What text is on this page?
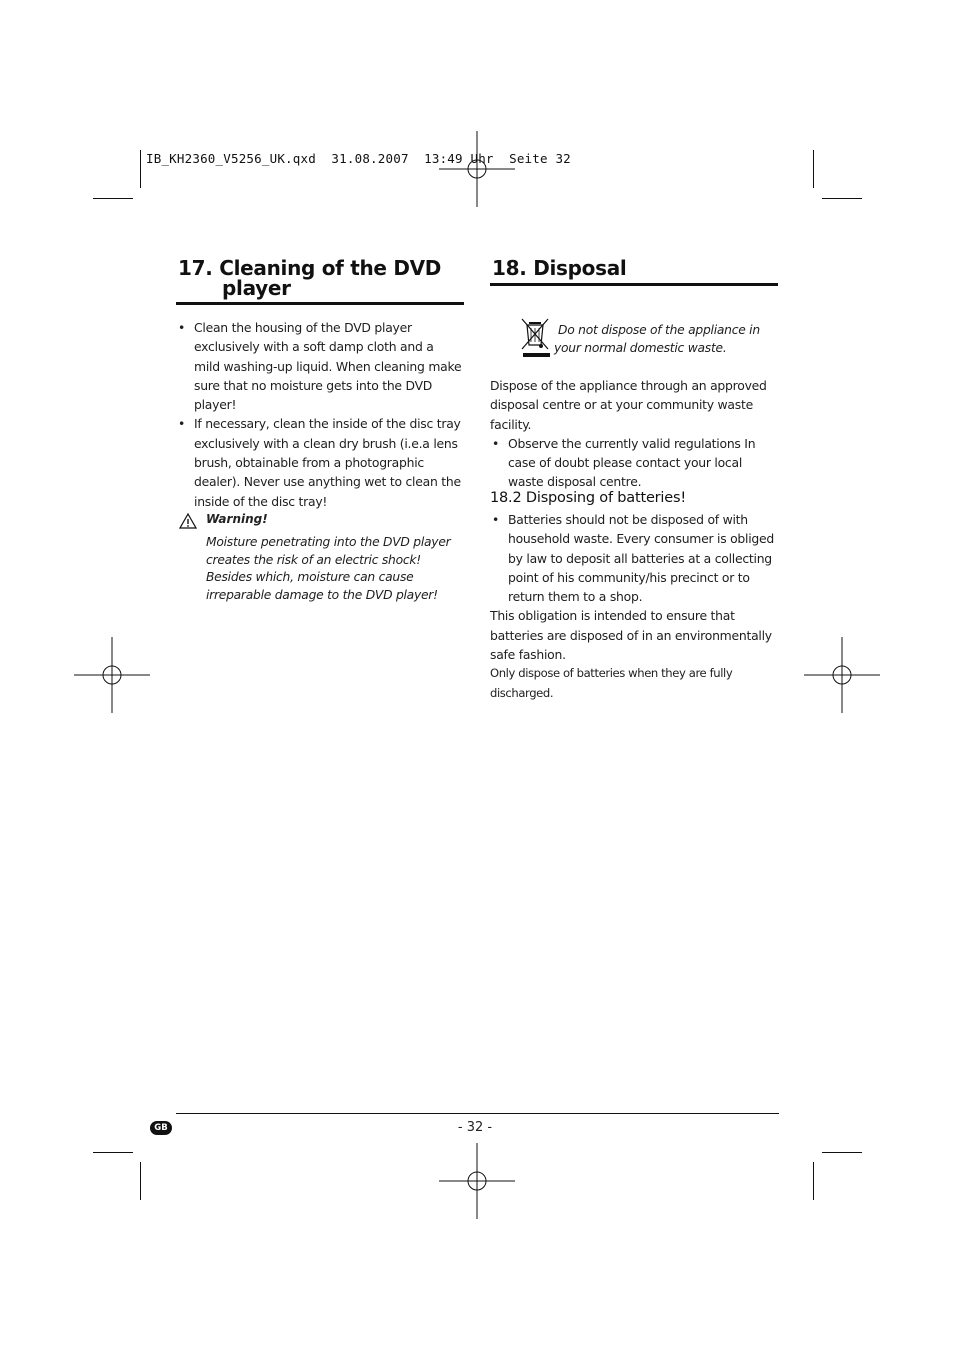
IB_KH2360_V5256_UK.qxd  31.08.2007  13:49 Uhr  Seite 32
17. Cleaning of the DVD
player
• Clean the housing of the DVD player exclusively with a soft damp cloth and a mild washing-up liquid. When cleaning make sure that no moisture gets into the DVD player!
• If necessary, clean the inside of the disc tray exclusively with a clean dry brush (i.e.a lens brush, obtainable from a photographic dealer). Never use anything wet to clean the inside of the disc tray!
Warning!
Moisture penetrating into the DVD player creates the risk of an electric shock! Besides which, moisture can cause irreparable damage to the DVD player!
18. Disposal
Do not dispose of the appliance in your normal domestic waste.
Dispose of the appliance through an approved disposal centre or at your community waste facility.
• Observe the currently valid regulations In case of doubt please contact your local waste disposal centre.
18.2 Disposing of batteries!
• Batteries should not be disposed of with household waste. Every consumer is obliged by law to deposit all batteries at a collecting point of his community/his precinct or to return them to a shop.
This obligation is intended to ensure that batteries are disposed of in an environmentally safe fashion.
Only dispose of batteries when they are fully discharged.
GB	- 32 -
